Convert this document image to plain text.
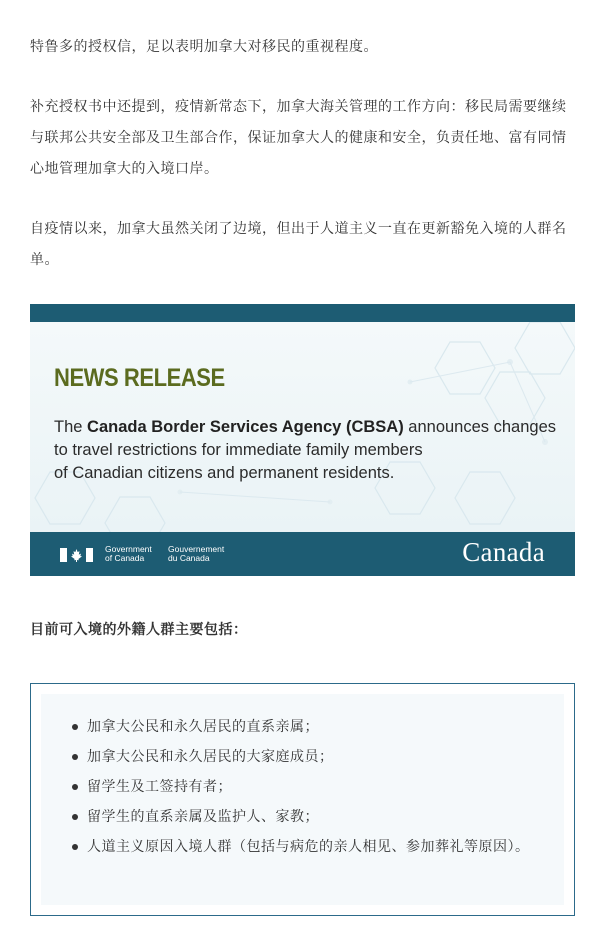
特鲁多的授权信，足以表明加拿大对移民的重视程度。

补充授权书中还提到，疫情新常态下，加拿大海关管理的工作方向：移民局需要继续与联邦公共安全部及卫生部合作，保证加拿大人的健康和安全，负责任地、富有同情心地管理加拿大的入境口岸。

自疫情以来，加拿大虽然关闭了边境，但出于人道主义一直在更新豁免入境的人群名单。

NEWS RELEASE
The Canada Border Services Agency (CBSA) announces changes
to travel restrictions for immediate family members
of Canadian citizens and permanent residents.
Government
of Canada
Gouvernement
du Canada	Canada

目前可入境的外籍人群主要包括：

加拿大公民和永久居民的直系亲属；
加拿大公民和永久居民的大家庭成员；
留学生及工签持有者；
留学生的直系亲属及监护人、家教；
人道主义原因入境人群（包括与病危的亲人相见、参加葬礼等原因）。
